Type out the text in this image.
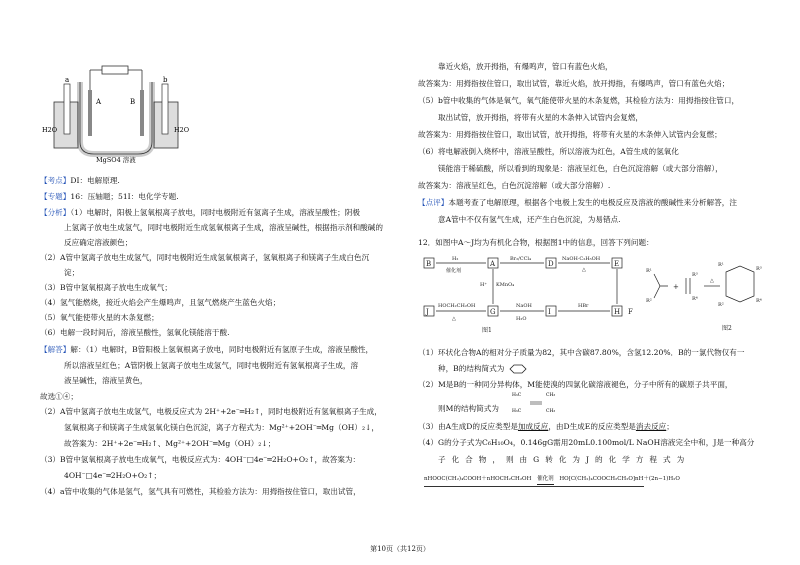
a	b
A	B
H2O	H2O
MgSO4 溶液
【考点】DI：电解原理.
【专题】16：压轴题；51I：电化学专题.
【分析】（1）电解时，阳极上氢氧根离子放电，同时电极附近有氢离子生成，溶液呈酸性；阴极
上氢离子放电生成氢气，同时电极附近生成氢氧根离子生成，溶液呈碱性，根据指示剂和酸碱的
反应确定溶液颜色；
（2）A管中氢离子放电生成氢气，同时电极附近生成氢氧根离子，氢氧根离子和镁离子生成白色沉
淀；
（3）B管中氢氧根离子放电生成氧气；
（4）氢气能燃烧，接近火焰会产生爆鸣声，且氢气燃烧产生蓝色火焰；
（5）氧气能使带火星的木条复燃；
（6）电解一段时间后，溶液呈酸性，氢氧化镁能溶于酸.
【解答】解：（1）电解时，B管阳极上氢氧根离子放电，同时电极附近有氢原子生成，溶液呈酸性，
所以溶液呈红色；A管阴极上氢离子放电生成氢气，同时电极附近有氢氧根离子生成，溶
液呈碱性，溶液呈黄色，
故选①④；
（2）A管中氢离子放电生成氢气，电极反应式为 2H⁺+2e⁻═H₂↑，同时电极附近有氢氧根离子生成，
氢氧根离子和镁离子生成氢氧化镁白色沉淀，离子方程式为：Mg²⁺+2OH⁻═Mg（OH）₂↓，
故答案为：2H⁺+2e⁻═H₂↑、Mg²⁺+2OH⁻═Mg（OH）₂↓；
（3）B管中氢氧根离子放电生成氧气，电极反应式为：4OH⁻□4e⁻═2H₂O+O₂↑，故答案为：
4OH⁻□4e⁻═2H₂O+O₂↑；
（4）a管中收集的气体是氢气，氢气具有可燃性，其检验方法为：用拇指按住管口，取出试管，
靠近火焰，放开拇指，有爆鸣声，管口有蓝色火焰，
故答案为：用拇指按住管口，取出试管，靠近火焰，放开拇指，有爆鸣声，管口有蓝色火焰；
（5）b管中收集的气体是氧气，氧气能使带火星的木条复燃，其检验方法为：用拇指按住管口，
取出试管，放开拇指，将带有火星的木条伸入试管内会复燃，
故答案为：用拇指按住管口，取出试管，放开拇指，将带有火星的木条伸入试管内会复燃；
（6）将电解液倒入烧杯中，溶液呈酸性，所以溶液为红色，A管生成的氢氧化
镁能溶于稀硫酸，所以看到的现象是：溶液呈红色，白色沉淀溶解（或大部分溶解），
故答案为：溶液呈红色，白色沉淀溶解（或大部分溶解）.
【点评】本题考查了电解原理，根据各个电极上发生的电极反应及溶液的酸碱性来分析解答，注
意A管中不仅有氢气生成，还产生白色沉淀，为易错点.
12．如图中A～J均为有机化合物，根据图1中的信息，回答下列问题：
B	A	D	E
J	G	I	H
H₂
催化剂
Br₂/CCl₄	NaOH·C₂H₅OH
△
H⁺ KMnO₄
HOCH₂CH₂OH
△
NaOH
H₂O
HBr
图1
F
R¹
R²
R³
R⁴
+
△
R¹
R³
R²
R⁴
图2
（1）环状化合物A的相对分子质量为82，其中含碳87.80%，含氢12.20%．B的一氯代物仅有一
种，B的结构简式为
（2）M是B的一种同分异构体，M能使溴的四氯化碳溶液褪色，分子中所有的碳原子共平面，
则M的结构简式为
H₃C
H₃C
CH₃
CH₃
（3）由A生成D的反应类型是加成反应，由D生成E的反应类型是消去反应；
（4）G的分子式为C₆H₁₀O₄，0.146gG需用20mL0.100mol/L NaOH溶液完全中和，J是一种高分
子化合物，则由G转化为J的化学方程式为
nHOOC(CH₂)₄COOH＋nHOCH₂CH₂OH 催化剂 HO[C(CH₂)₄COOCH₂CH₂O]nH＋(2n−1)H₂O
第10页（共12页）
